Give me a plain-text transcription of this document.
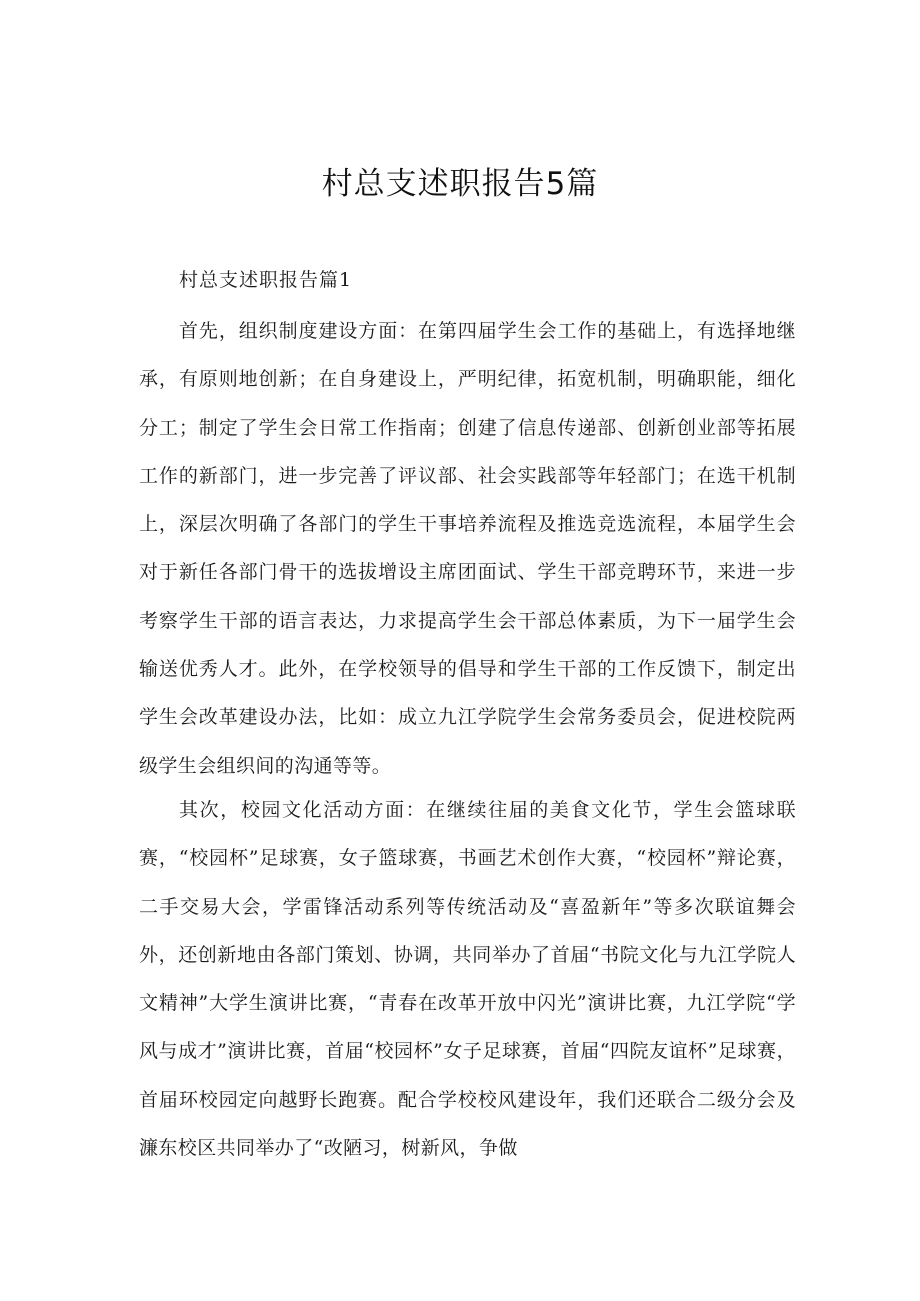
村总支述职报告5篇
村总支述职报告篇1

首先，组织制度建设方面：在第四届学生会工作的基础上，有选择地继承，有原则地创新；在自身建设上，严明纪律，拓宽机制，明确职能，细化分工；制定了学生会日常工作指南；创建了信息传递部、创新创业部等拓展工作的新部门，进一步完善了评议部、社会实践部等年轻部门；在选干机制上，深层次明确了各部门的学生干事培养流程及推选竞选流程，本届学生会对于新任各部门骨干的选拔增设主席团面试、学生干部竞聘环节，来进一步考察学生干部的语言表达，力求提高学生会干部总体素质，为下一届学生会输送优秀人才。此外，在学校领导的倡导和学生干部的工作反馈下，制定出学生会改革建设办法，比如：成立九江学院学生会常务委员会，促进校院两级学生会组织间的沟通等等。

其次，校园文化活动方面：在继续往届的美食文化节，学生会篮球联赛，“校园杯”足球赛，女子篮球赛，书画艺术创作大赛，“校园杯”辩论赛，二手交易大会，学雷锋活动系列等传统活动及“喜盈新年”等多次联谊舞会外，还创新地由各部门策划、协调，共同举办了首届“书院文化与九江学院人文精神”大学生演讲比赛，“青春在改革开放中闪光”演讲比赛，九江学院“学风与成才”演讲比赛，首届“校园杯”女子足球赛，首届“四院友谊杯”足球赛，首届环校园定向越野长跑赛。配合学校校风建设年，我们还联合二级分会及濂东校区共同举办了“改陋习，树新风，争做
